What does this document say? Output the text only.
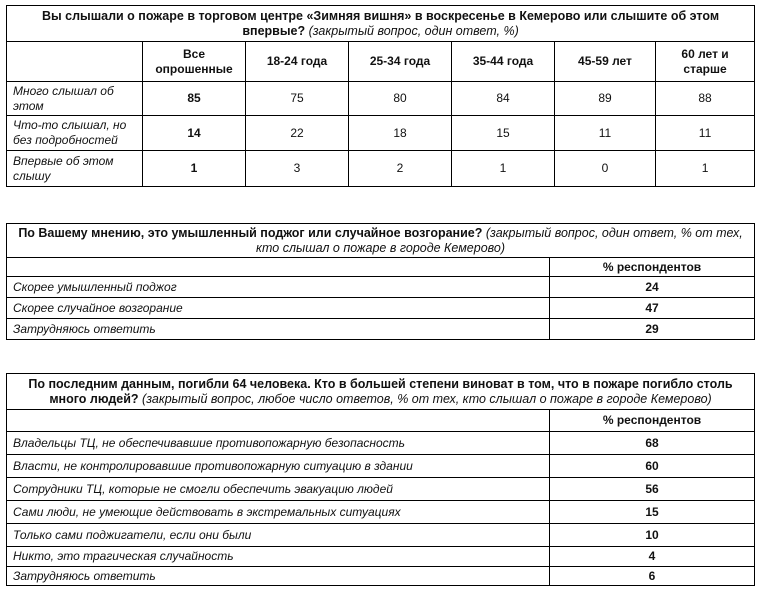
Вы слышали о пожаре в торговом центре «Зимняя вишня» в воскресенье в Кемерово или слышите об этом впервые? (закрытый вопрос, один ответ, %)						
	Все опрошенные	18-24 года	25-34 года	35-44 года	45-59 лет	60 лет и старше
Много слышал об этом	85	75	80	84	89	88
Что-то слышал, но без подробностей	14	22	18	15	11	11
Впервые об этом слышу	1	3	2	1	0	1
По Вашему мнению, это умышленный поджог или случайное возгорание? (закрытый вопрос, один ответ, % от тех, кто слышал о пожаре в городе Кемерово)	
	% респондентов
Скорее умышленный поджог	24
Скорее случайное возгорание	47
Затрудняюсь ответить	29
По последним данным, погибли 64 человека. Кто в большей степени виноват в том, что в пожаре погибло столь много людей? (закрытый вопрос, любое число ответов, % от тех, кто слышал о пожаре в городе Кемерово)	
	% респондентов
Владельцы ТЦ, не обеспечивавшие противопожарную безопасность	68
Власти, не контролировавшие противопожарную ситуацию в здании	60
Сотрудники ТЦ, которые не смогли обеспечить эвакуацию людей	56
Сами люди, не умеющие действовать в экстремальных ситуациях	15
Только сами поджигатели, если они были	10
Никто, это трагическая случайность	4
Затрудняюсь ответить	6
